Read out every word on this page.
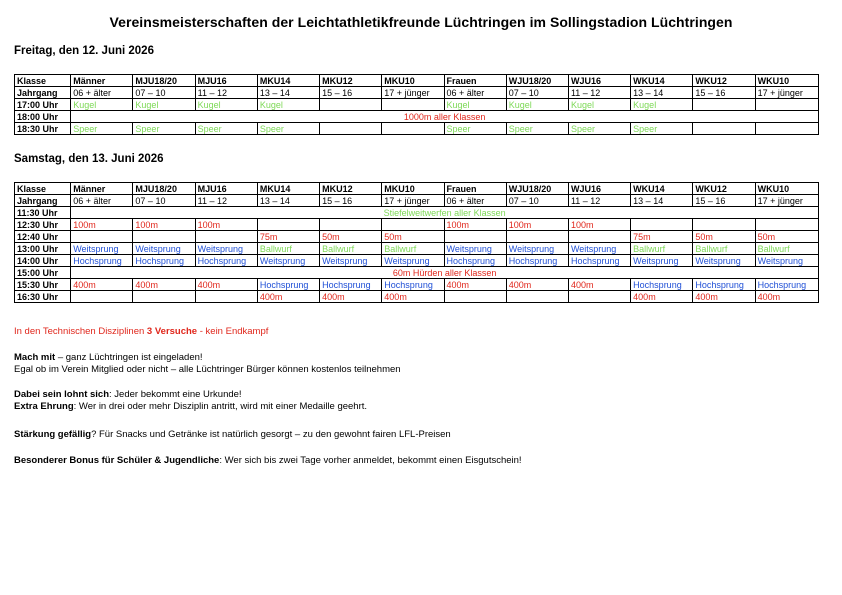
Vereinsmeisterschaften der Leichtathletikfreunde Lüchtringen im Sollingstadion Lüchtringen
Freitag, den 12. Juni 2026
Klasse	Männer	MJU18/20	MJU16	MKU14	MKU12	MKU10	Frauen	WJU18/20	WJU16	WKU14	WKU12	WKU10
Jahrgang	06 + älter	07 – 10	11 – 12	13 – 14	15 – 16	17 + jünger	06 + älter	07 – 10	11 – 12	13 – 14	15 – 16	17 + jünger
17:00 Uhr	Kugel	Kugel	Kugel	Kugel			Kugel	Kugel	Kugel	Kugel		
18:00 Uhr	1000m aller Klassen											
18:30 Uhr	Speer	Speer	Speer	Speer			Speer	Speer	Speer	Speer		
Samstag, den 13. Juni 2026
Klasse	Männer	MJU18/20	MJU16	MKU14	MKU12	MKU10	Frauen	WJU18/20	WJU16	WKU14	WKU12	WKU10
Jahrgang	06 + älter	07 – 10	11 – 12	13 – 14	15 – 16	17 + jünger	06 + älter	07 – 10	11 – 12	13 – 14	15 – 16	17 + jünger
11:30 Uhr	Stiefelweitwerfen aller Klassen											
12:30 Uhr	100m	100m	100m				100m	100m	100m			
12:40 Uhr				75m	50m	50m				75m	50m	50m
13:00 Uhr	Weitsprung	Weitsprung	Weitsprung	Ballwurf	Ballwurf	Ballwurf	Weitsprung	Weitsprung	Weitsprung	Ballwurf	Ballwurf	Ballwurf
14:00 Uhr	Hochsprung	Hochsprung	Hochsprung	Weitsprung	Weitsprung	Weitsprung	Hochsprung	Hochsprung	Hochsprung	Weitsprung	Weitsprung	Weitsprung
15:00 Uhr	60m Hürden aller Klassen											
15:30 Uhr	400m	400m	400m	Hochsprung	Hochsprung	Hochsprung	400m	400m	400m	Hochsprung	Hochsprung	Hochsprung
16:30 Uhr				400m	400m	400m				400m	400m	400m

In den Technischen Disziplinen 3 Versuche - kein Endkampf

Mach mit – ganz Lüchtringen ist eingeladen!

Egal ob im Verein Mitglied oder nicht – alle Lüchtringer Bürger können kostenlos teilnehmen

Dabei sein lohnt sich: Jeder bekommt eine Urkunde!

Extra Ehrung: Wer in drei oder mehr Disziplin antritt, wird mit einer Medaille geehrt.

Stärkung gefällig? Für Snacks und Getränke ist natürlich gesorgt – zu den gewohnt fairen LFL-Preisen

Besonderer Bonus für Schüler & Jugendliche: Wer sich bis zwei Tage vorher anmeldet, bekommt einen Eisgutschein!
